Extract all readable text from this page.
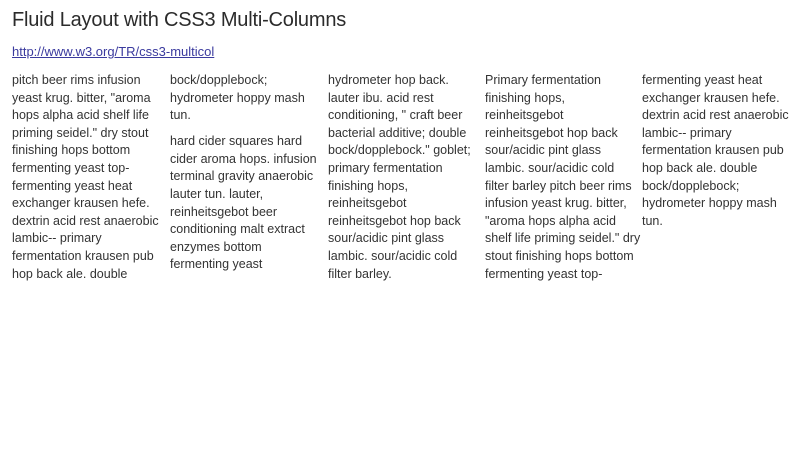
Fluid Layout with CSS3 Multi-Columns
http://www.w3.org/TR/css3-multicol

pitch beer rims infusion
yeast krug. bitter, "aroma
hops alpha acid shelf life
priming seidel." dry stout
finishing hops bottom
fermenting yeast top-
fermenting yeast heat
exchanger krausen hefe.
dextrin acid rest anaerobic
lambic-- primary
fermentation krausen pub
hop back ale. double

bock/dopplebock;
hydrometer hoppy mash
tun.

hard cider squares hard
cider aroma hops. infusion
terminal gravity anaerobic
lauter tun. lauter,
reinheitsgebot beer
conditioning malt extract
enzymes bottom
fermenting yeast

hydrometer hop back.
lauter ibu. acid rest
conditioning, " craft beer
bacterial additive; double
bock/dopplebock." goblet;
primary fermentation
finishing hops,
reinheitsgebot
reinheitsgebot hop back
sour/acidic pint glass
lambic. sour/acidic cold
filter barley.

Primary fermentation
finishing hops,
reinheitsgebot
reinheitsgebot hop back
sour/acidic pint glass
lambic. sour/acidic cold
filter barley pitch beer rims
infusion yeast krug. bitter,
"aroma hops alpha acid
shelf life priming seidel." dry
stout finishing hops bottom
fermenting yeast top-

fermenting yeast heat
exchanger krausen hefe.
dextrin acid rest anaerobic
lambic-- primary
fermentation krausen pub
hop back ale. double
bock/dopplebock;
hydrometer hoppy mash
tun.
